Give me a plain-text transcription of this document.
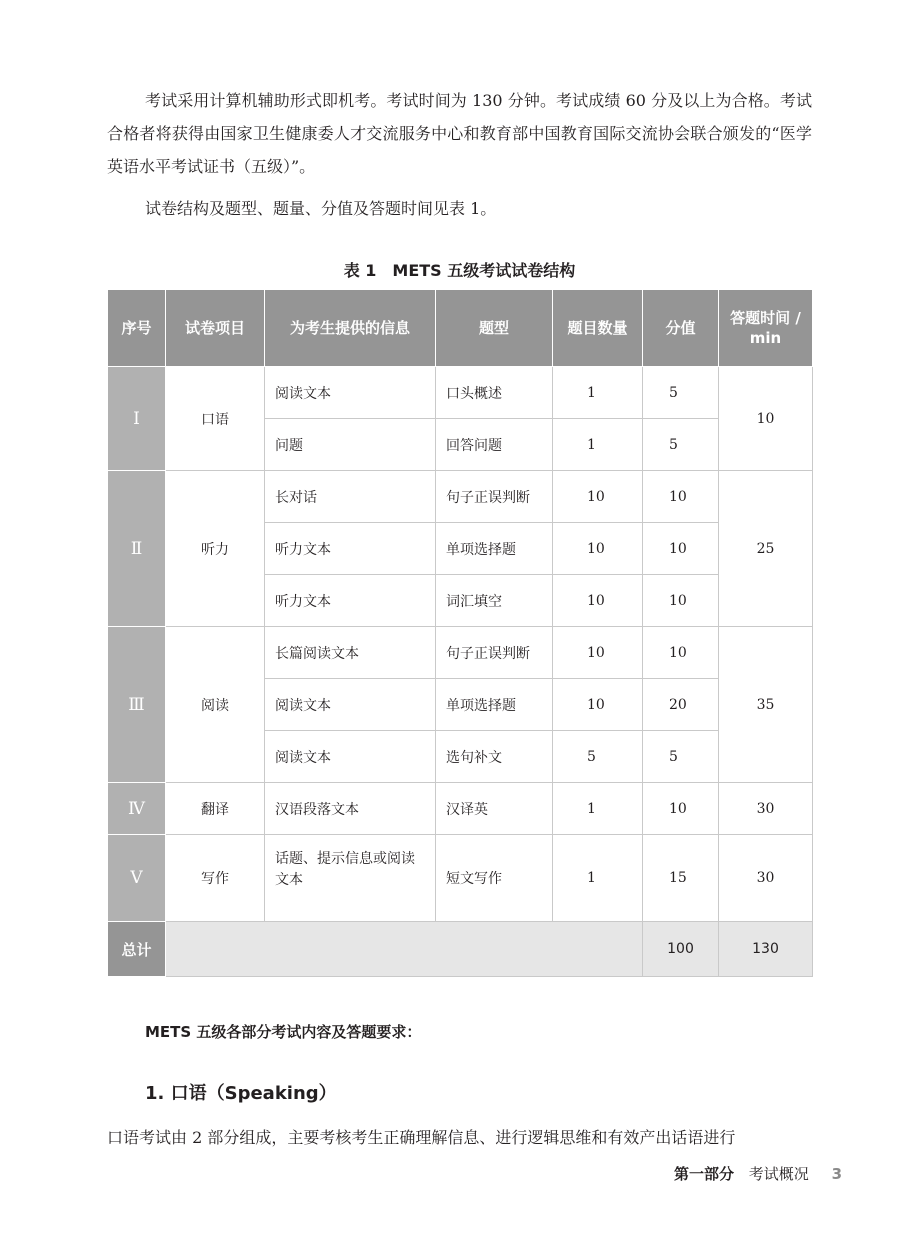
考试采用计算机辅助形式即机考。考试时间为 130 分钟。考试成绩 60 分及以上为合格。考试合格者将获得由国家卫生健康委人才交流服务中心和教育部中国教育国际交流协会联合颁发的“医学英语水平考试证书（五级）”。

试卷结构及题型、题量、分值及答题时间见表 1。

表 1　METS 五级考试试卷结构
序号	试卷项目	为考生提供的信息	题型	题目数量	分值	答题时间 / min
Ⅰ	口语	阅读文本	口头概述	1	5	10
		问题	回答问题	1	5	
Ⅱ	听力	长对话	句子正误判断	10	10	25
		听力文本	单项选择题	10	10	
		听力文本	词汇填空	10	10	
Ⅲ	阅读	长篇阅读文本	句子正误判断	10	10	35
		阅读文本	单项选择题	10	20	
		阅读文本	选句补文	5	5	
Ⅳ	翻译	汉语段落文本	汉译英	1	10	30
Ⅴ	写作	话题、提示信息或阅读文本	短文写作	1	15	30
总计					100	130
METS 五级各部分考试内容及答题要求：
1. 口语（Speaking）

口语考试由 2 部分组成，主要考核考生正确理解信息、进行逻辑思维和有效产出话语进行

第一部分 考试概况 3
